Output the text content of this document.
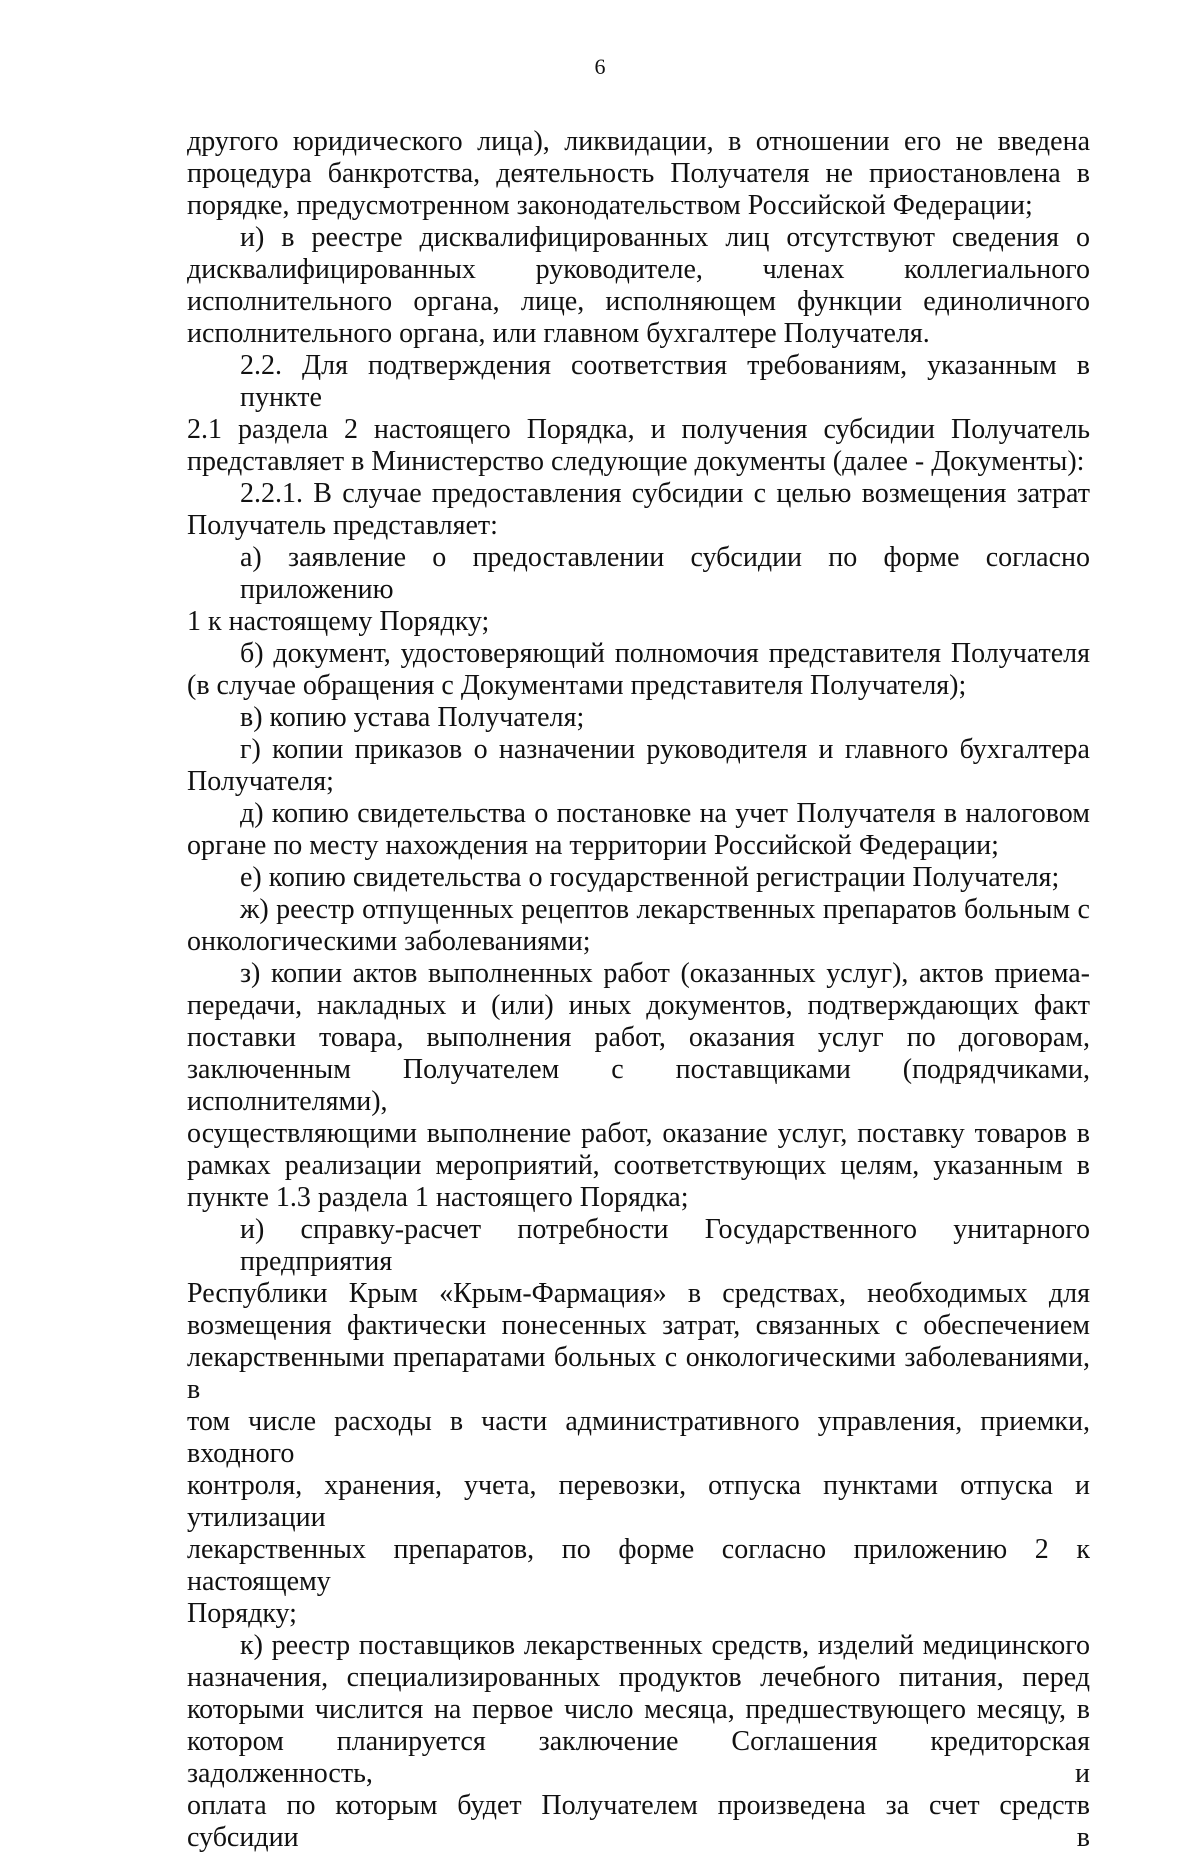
6

другого юридического лица), ликвидации, в отношении его не введена

процедура банкротства, деятельность Получателя не приостановлена в

порядке, предусмотренном законодательством Российской Федерации;

и) в реестре дисквалифицированных лиц отсутствуют сведения о

дисквалифицированных руководителе, членах коллегиального

исполнительного органа, лице, исполняющем функции единоличного

исполнительного органа, или главном бухгалтере Получателя.

2.2. Для подтверждения соответствия требованиям, указанным в пункте

2.1 раздела 2 настоящего Порядка, и получения субсидии Получатель

представляет в Министерство следующие документы (далее - Документы):

2.2.1. В случае предоставления субсидии с целью возмещения затрат

Получатель представляет:

а) заявление о предоставлении субсидии по форме согласно приложению

1 к настоящему Порядку;

б) документ, удостоверяющий полномочия представителя Получателя

(в случае обращения с Документами представителя Получателя);

в) копию устава Получателя;

г) копии приказов о назначении руководителя и главного бухгалтера

Получателя;

д) копию свидетельства о постановке на учет Получателя в налоговом

органе по месту нахождения на территории Российской Федерации;

е) копию свидетельства о государственной регистрации Получателя;

ж) реестр отпущенных рецептов лекарственных препаратов больным с

онкологическими заболеваниями;

з) копии актов выполненных работ (оказанных услуг), актов приема-

передачи, накладных и (или) иных документов, подтверждающих факт

поставки товара, выполнения работ, оказания услуг по договорам,

заключенным Получателем с поставщиками (подрядчиками, исполнителями),

осуществляющими выполнение работ, оказание услуг, поставку товаров в

рамках реализации мероприятий, соответствующих целям, указанным в

пункте 1.3 раздела 1 настоящего Порядка;

и) справку-расчет потребности Государственного унитарного предприятия

Республики Крым «Крым-Фармация» в средствах, необходимых для

возмещения фактически понесенных затрат, связанных с обеспечением

лекарственными препаратами больных с онкологическими заболеваниями, в

том числе расходы в части административного управления, приемки, входного

контроля, хранения, учета, перевозки, отпуска пунктами отпуска и утилизации

лекарственных препаратов, по форме согласно приложению 2 к настоящему

Порядку;

к) реестр поставщиков лекарственных средств, изделий медицинского

назначения, специализированных продуктов лечебного питания, перед

которыми числится на первое число месяца, предшествующего месяцу, в

котором планируется заключение Соглашения кредиторская задолженность, и

оплата по которым будет Получателем произведена за счет средств субсидии в
